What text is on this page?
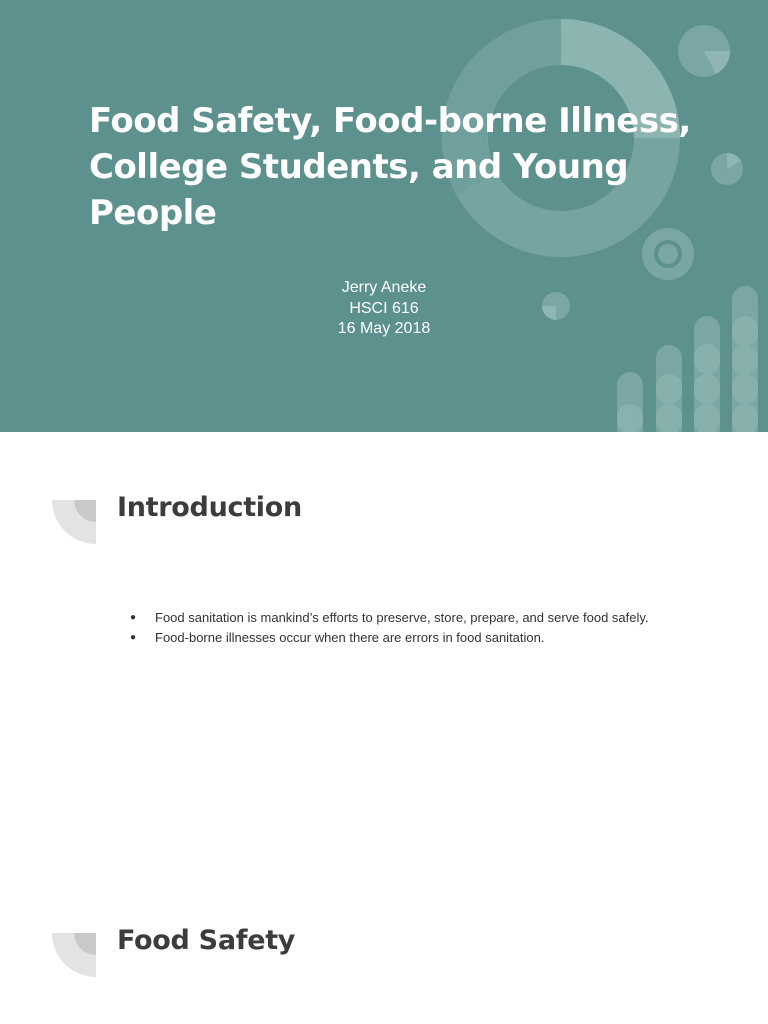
Food Safety, Food-borne Illness, College Students, and Young People
Jerry Aneke
HSCI 616
16 May 2018
Introduction
● Food sanitation is mankind’s efforts to preserve, store, prepare, and serve food safely.
● Food-borne illnesses occur when there are errors in food sanitation.
Food Safety
